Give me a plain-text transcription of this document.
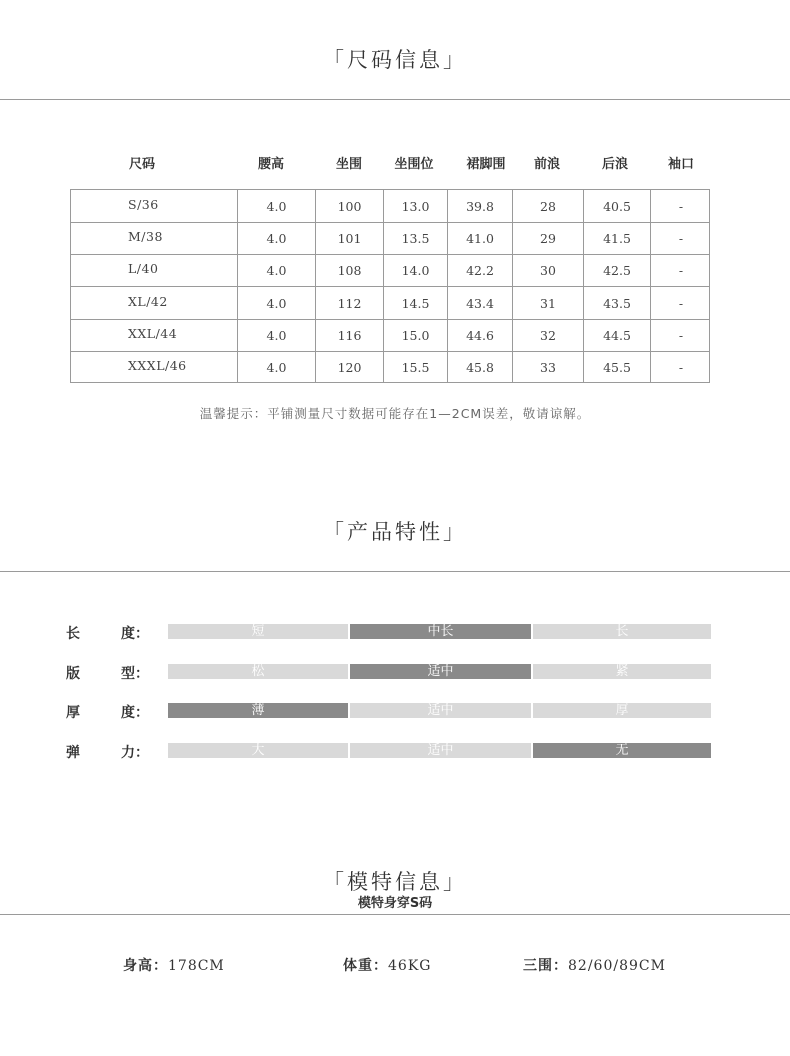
「尺码信息」
尺码	腰高	坐围	坐围位	裙脚围	前浪	后浪	袖口
S/36	4.0	100	13.0	39.8	28	40.5	-
M/38	4.0	101	13.5	41.0	29	41.5	-
L/40	4.0	108	14.0	42.2	30	42.5	-
XL/42	4.0	112	14.5	43.4	31	43.5	-
XXL/44	4.0	116	15.0	44.6	32	44.5	-
XXXL/46	4.0	120	15.5	45.8	33	45.5	-
温馨提示：平铺测量尺寸数据可能存在1—2CM误差，敬请谅解。
「产品特性」
长	度：	短	中长	长
版	型：	松	适中	紧
厚	度：	薄	适中	厚
弹	力：	大	适中	无
「模特信息」
模特身穿S码
身高：178CM	体重：46KG	三围：82/60/89CM
